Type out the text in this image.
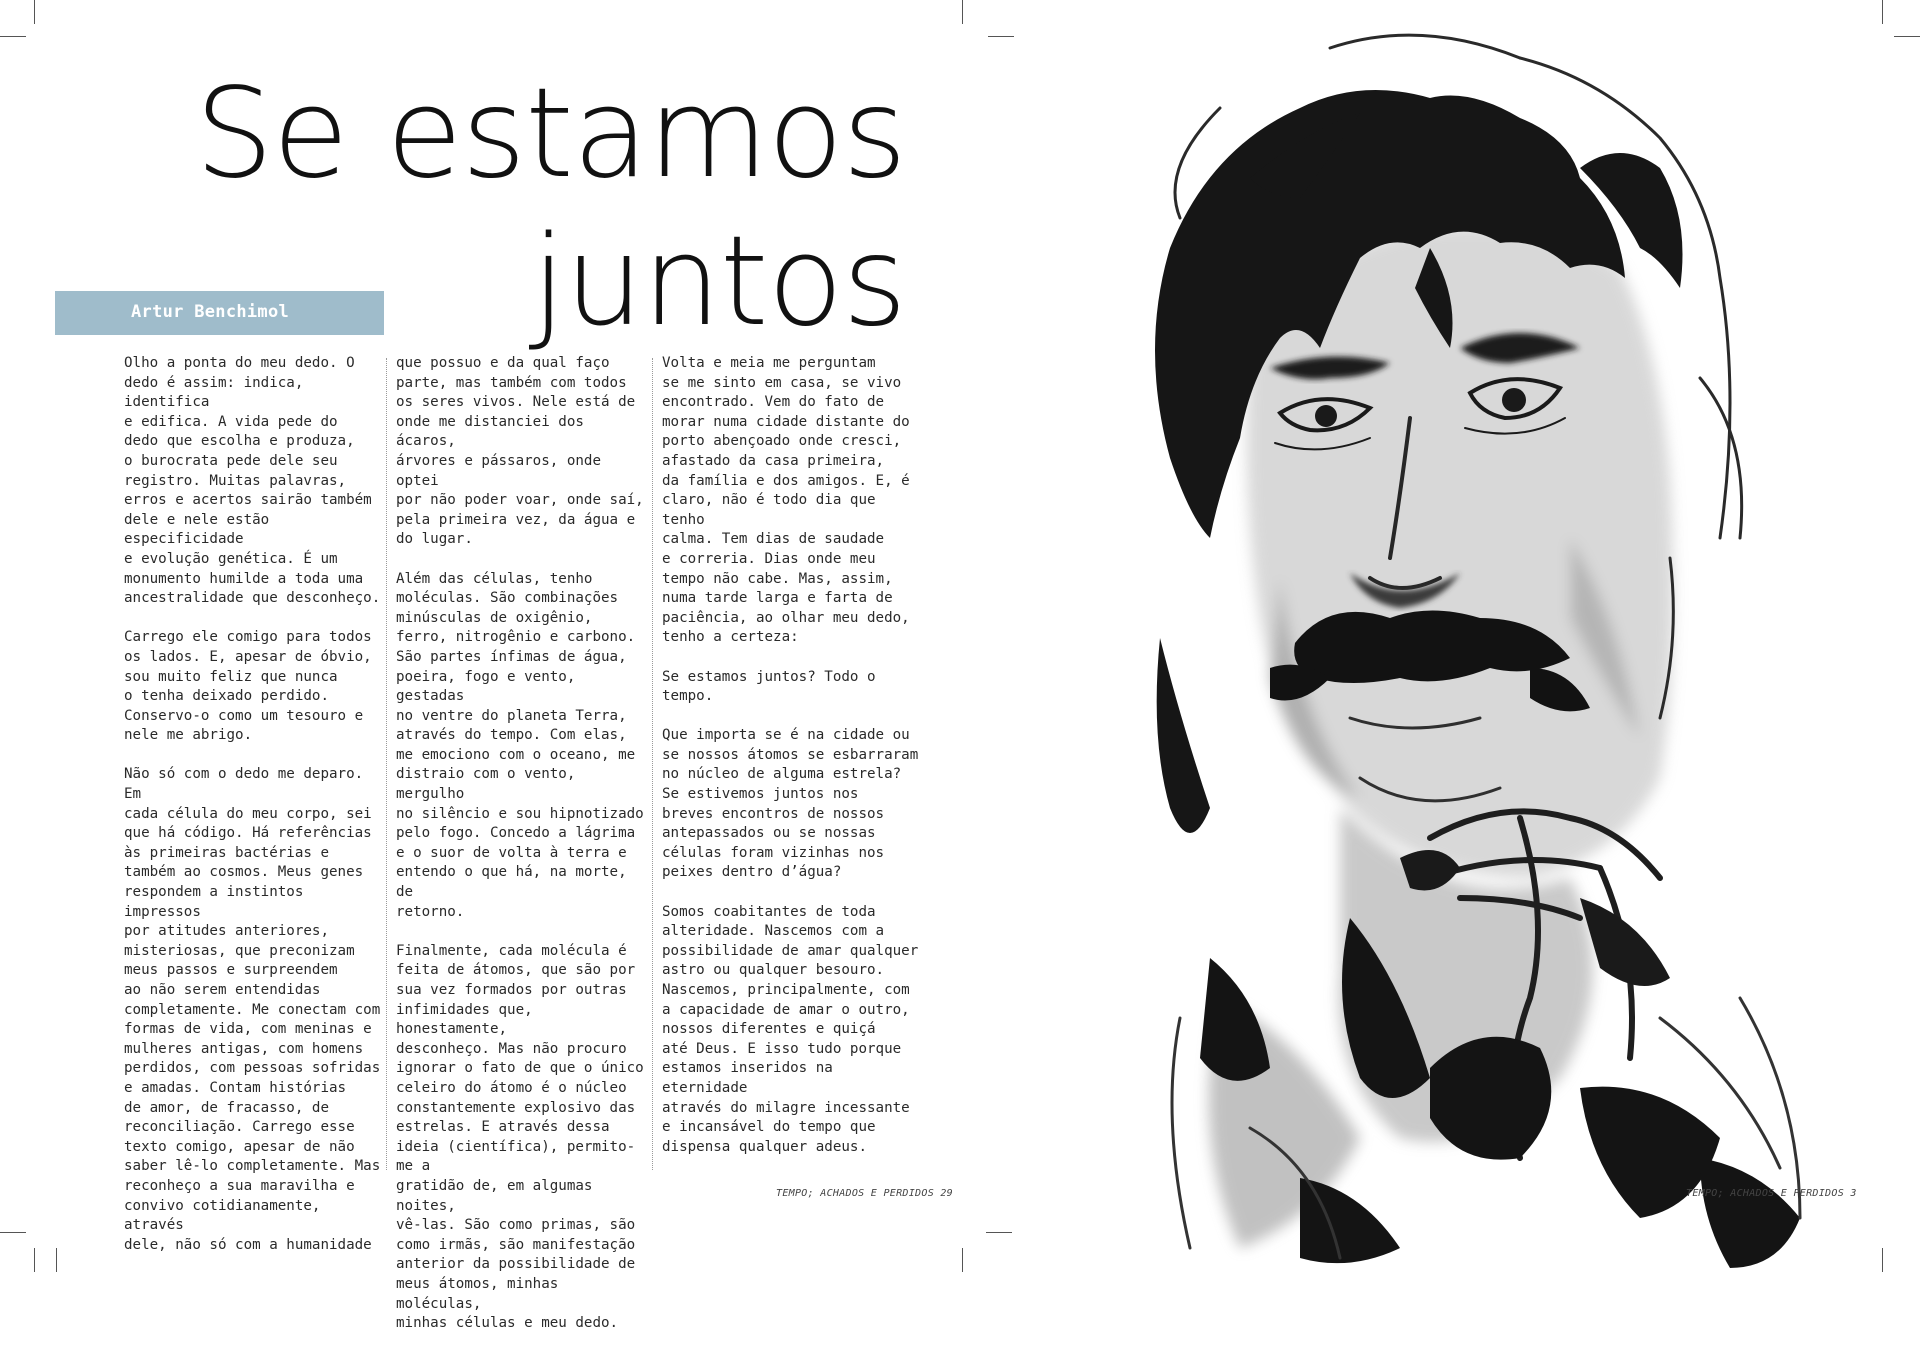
Se estamos
juntos
Artur Benchimol

Olho a ponta do meu dedo. O
dedo é assim: indica, identifica
e edifica. A vida pede do
dedo que escolha e produza,
o burocrata pede dele seu
registro. Muitas palavras,
erros e acertos sairão também
dele e nele estão especificidade
e evolução genética. É um
monumento humilde a toda uma
ancestralidade que desconheço.

Carrego ele comigo para todos
os lados. E, apesar de óbvio,
sou muito feliz que nunca
o tenha deixado perdido.
Conservo-o como um tesouro e
nele me abrigo.

Não só com o dedo me deparo. Em
cada célula do meu corpo, sei
que há código. Há referências
às primeiras bactérias e
também ao cosmos. Meus genes
respondem a instintos impressos
por atitudes anteriores,
misteriosas, que preconizam
meus passos e surpreendem
ao não serem entendidas
completamente. Me conectam com
formas de vida, com meninas e
mulheres antigas, com homens
perdidos, com pessoas sofridas
e amadas. Contam histórias
de amor, de fracasso, de
reconciliação. Carrego esse
texto comigo, apesar de não
saber lê-lo completamente. Mas
reconheço a sua maravilha e
convivo cotidianamente, através
dele, não só com a humanidade

que possuo e da qual faço
parte, mas também com todos
os seres vivos. Nele está de
onde me distanciei dos ácaros,
árvores e pássaros, onde optei
por não poder voar, onde saí,
pela primeira vez, da água e
do lugar.

Além das células, tenho
moléculas. São combinações
minúsculas de oxigênio,
ferro, nitrogênio e carbono.
São partes ínfimas de água,
poeira, fogo e vento, gestadas
no ventre do planeta Terra,
através do tempo. Com elas,
me emociono com o oceano, me
distraio com o vento, mergulho
no silêncio e sou hipnotizado
pelo fogo. Concedo a lágrima
e o suor de volta à terra e
entendo o que há, na morte, de
retorno.

Finalmente, cada molécula é
feita de átomos, que são por
sua vez formados por outras
infimidades que, honestamente,
desconheço. Mas não procuro
ignorar o fato de que o único
celeiro do átomo é o núcleo
constantemente explosivo das
estrelas. E através dessa
ideia (científica), permito-me a
gratidão de, em algumas noites,
vê-las. São como primas, são
como irmãs, são manifestação
anterior da possibilidade de
meus átomos, minhas moléculas,
minhas células e meu dedo.

Volta e meia me perguntam
se me sinto em casa, se vivo
encontrado. Vem do fato de
morar numa cidade distante do
porto abençoado onde cresci,
afastado da casa primeira,
da família e dos amigos. E, é
claro, não é todo dia que tenho
calma. Tem dias de saudade
e correria. Dias onde meu
tempo não cabe. Mas, assim,
numa tarde larga e farta de
paciência, ao olhar meu dedo,
tenho a certeza:

Se estamos juntos? Todo o
tempo.

Que importa se é na cidade ou
se nossos átomos se esbarraram
no núcleo de alguma estrela?
Se estivemos juntos nos
breves encontros de nossos
antepassados ou se nossas
células foram vizinhas nos
peixes dentro d’água?

Somos coabitantes de toda
alteridade. Nascemos com a
possibilidade de amar qualquer
astro ou qualquer besouro.
Nascemos, principalmente, com
a capacidade de amar o outro,
nossos diferentes e quiçá
até Deus. E isso tudo porque
estamos inseridos na eternidade
através do milagre incessante
e incansável do tempo que
dispensa qualquer adeus.

TEMPO; ACHADOS E PERDIDOS 29	TEMPO; ACHADOS E PERDIDOS 3
